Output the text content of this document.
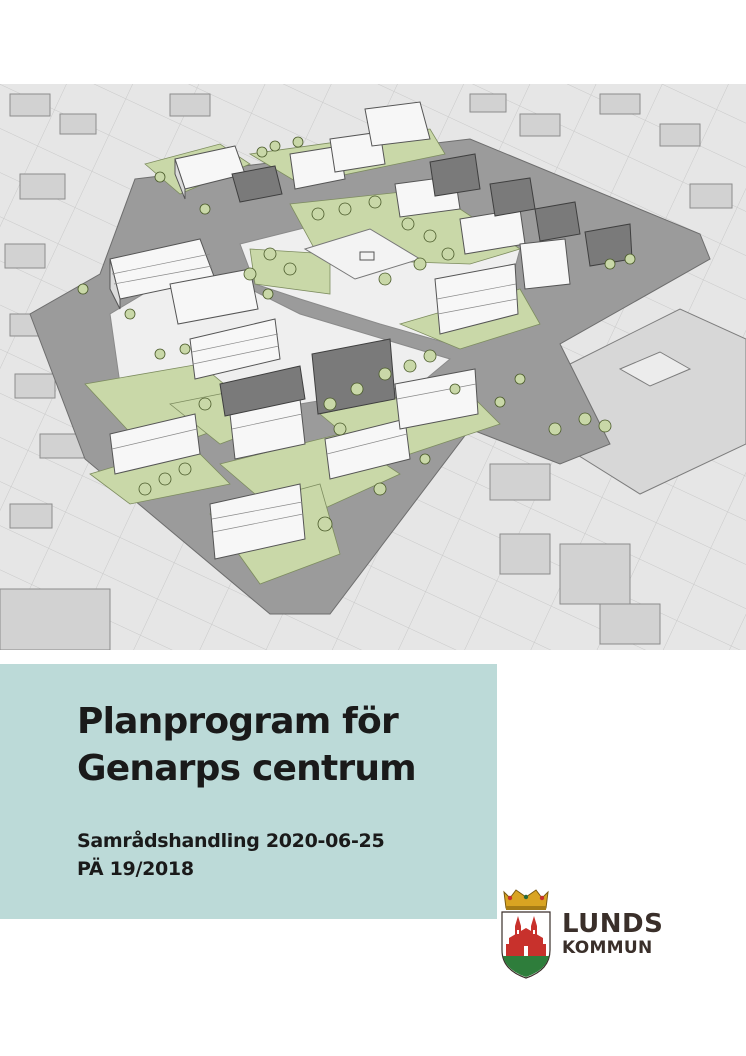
Planprogram för
Genarps centrum
Samrådshandling 2020-06-25
PÄ 19/2018
LUNDS
KOMMUN
